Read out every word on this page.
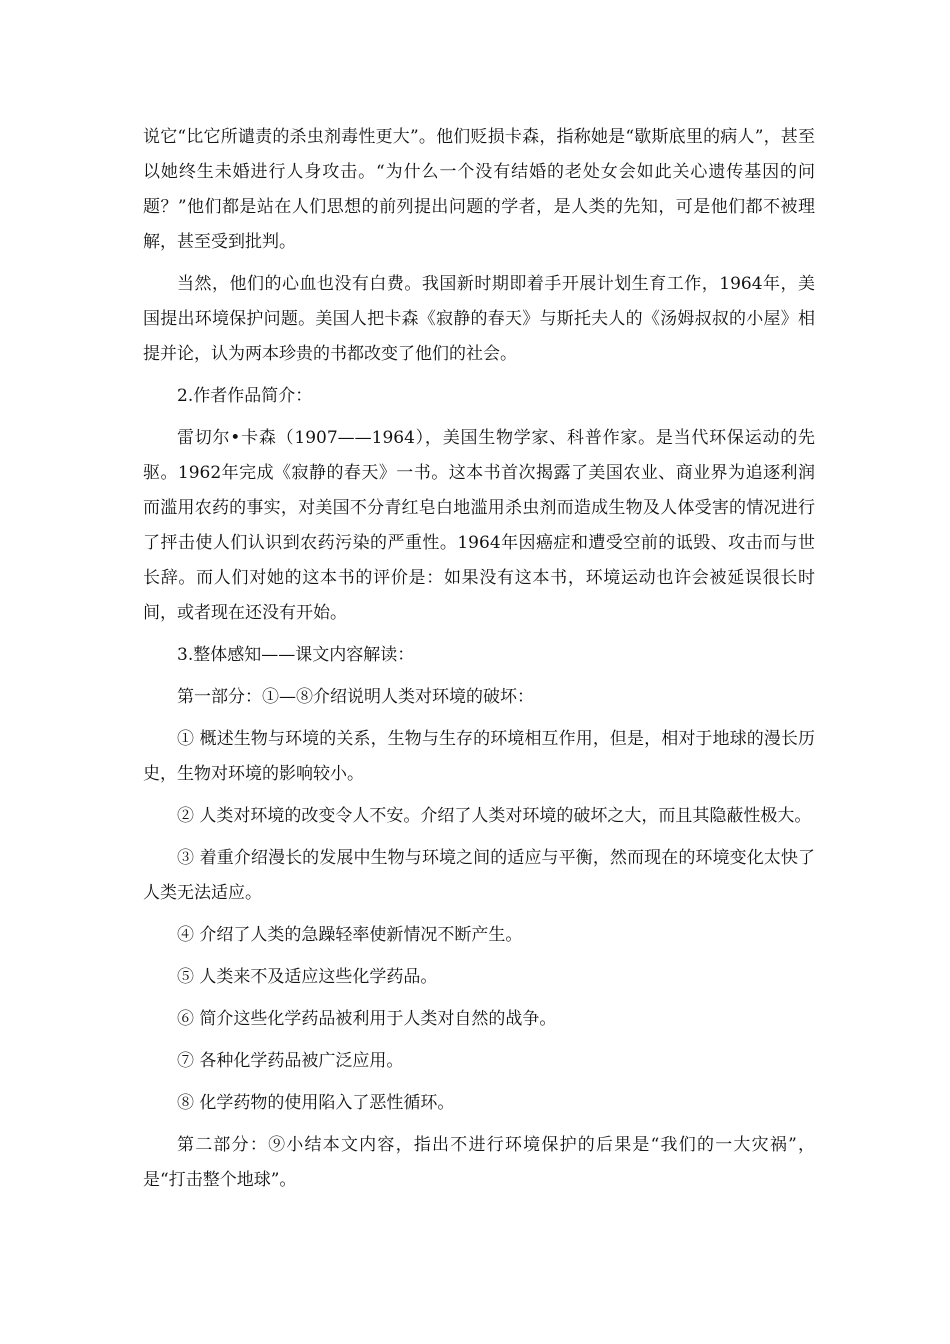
说它“比它所谴责的杀虫剂毒性更大”。他们贬损卡森，指称她是“歇斯底里的病人”，甚至以她终生未婚进行人身攻击。“为什么一个没有结婚的老处女会如此关心遗传基因的问题？”他们都是站在人们思想的前列提出问题的学者，是人类的先知，可是他们都不被理解，甚至受到批判。

当然，他们的心血也没有白费。我国新时期即着手开展计划生育工作，1964年，美国提出环境保护问题。美国人把卡森《寂静的春天》与斯托夫人的《汤姆叔叔的小屋》相提并论，认为两本珍贵的书都改变了他们的社会。

2.作者作品简介：

雷切尔•卡森（1907——1964），美国生物学家、科普作家。是当代环保运动的先驱。1962年完成《寂静的春天》一书。这本书首次揭露了美国农业、商业界为追逐利润而滥用农药的事实，对美国不分青红皂白地滥用杀虫剂而造成生物及人体受害的情况进行了抨击使人们认识到农药污染的严重性。1964年因癌症和遭受空前的诋毁、攻击而与世长辞。而人们对她的这本书的评价是：如果没有这本书，环境运动也许会被延误很长时间，或者现在还没有开始。

3.整体感知——课文内容解读：

第一部分：①—⑧介绍说明人类对环境的破坏：

① 概述生物与环境的关系，生物与生存的环境相互作用，但是，相对于地球的漫长历史，生物对环境的影响较小。

② 人类对环境的改变令人不安。介绍了人类对环境的破坏之大，而且其隐蔽性极大。

③ 着重介绍漫长的发展中生物与环境之间的适应与平衡，然而现在的环境变化太快了人类无法适应。

④ 介绍了人类的急躁轻率使新情况不断产生。

⑤ 人类来不及适应这些化学药品。

⑥ 简介这些化学药品被利用于人类对自然的战争。

⑦ 各种化学药品被广泛应用。

⑧ 化学药物的使用陷入了恶性循环。

第二部分：⑨小结本文内容，指出不进行环境保护的后果是“我们的一大灾祸”，是“打击整个地球”。
